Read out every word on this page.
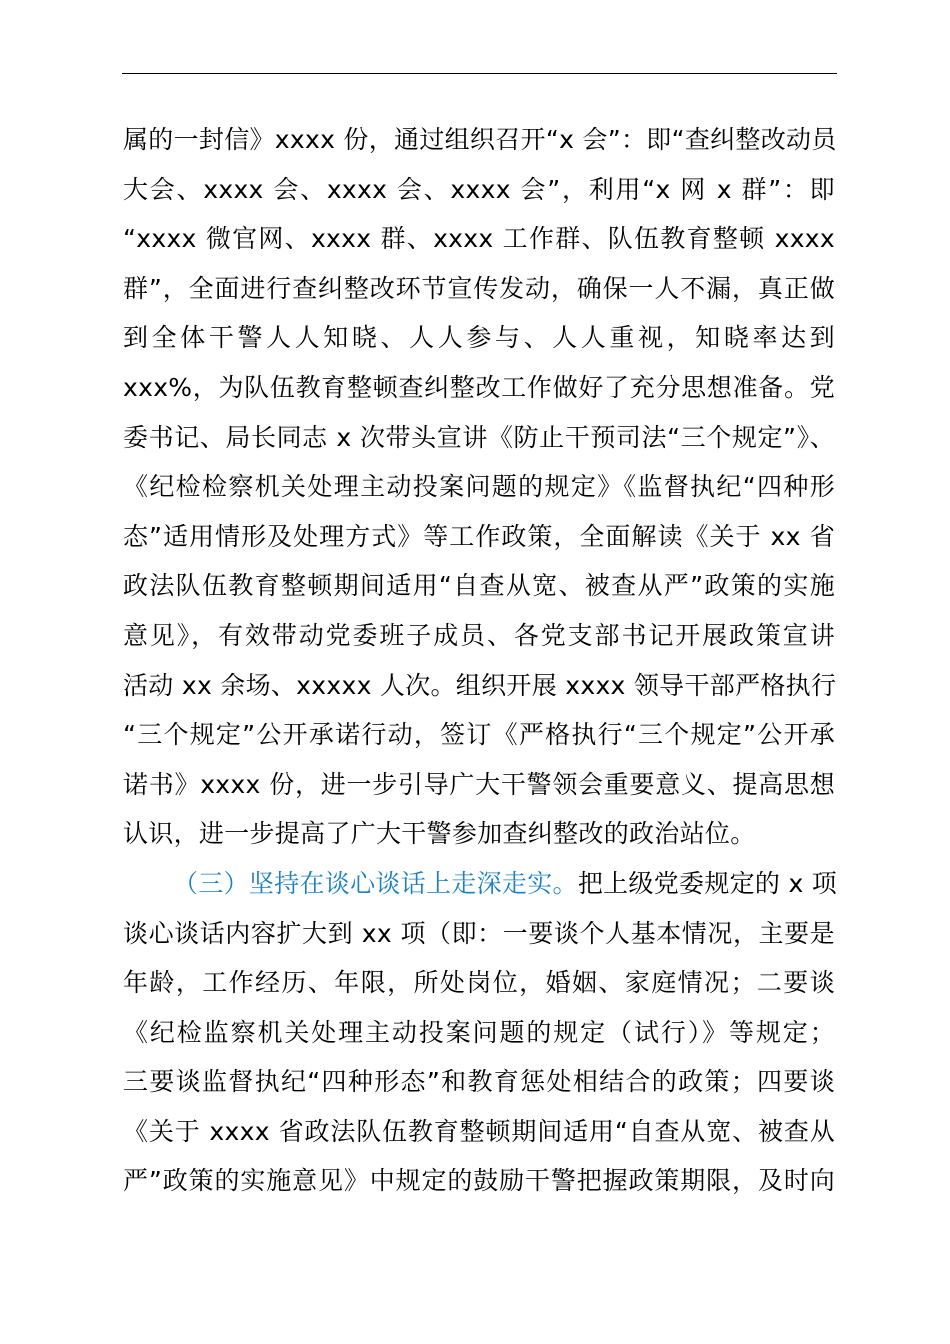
属的一封信》xxxx 份，通过组织召开“x 会”：即“查纠整改动员
大会、xxxx 会、xxxx 会、xxxx 会”，利用“x 网 x 群”：即
“xxxx 微官网、xxxx 群、xxxx 工作群、队伍教育整顿 xxxx
群”，全面进行查纠整改环节宣传发动，确保一人不漏，真正做
到全体干警人人知晓、人人参与、人人重视，知晓率达到
xxx%，为队伍教育整顿查纠整改工作做好了充分思想准备。党
委书记、局长同志 x 次带头宣讲《防止干预司法“三个规定”》、
《纪检检察机关处理主动投案问题的规定》《监督执纪“四种形
态”适用情形及处理方式》等工作政策，全面解读《关于 xx 省
政法队伍教育整顿期间适用“自查从宽、被查从严”政策的实施
意见》，有效带动党委班子成员、各党支部书记开展政策宣讲
活动 xx 余场、xxxxx 人次。组织开展 xxxx 领导干部严格执行
“三个规定”公开承诺行动，签订《严格执行“三个规定”公开承
诺书》xxxx 份，进一步引导广大干警领会重要意义、提高思想
认识，进一步提高了广大干警参加查纠整改的政治站位。
（三）坚持在谈心谈话上走深走实。把上级党委规定的 x 项
谈心谈话内容扩大到 xx 项（即：一要谈个人基本情况，主要是
年龄，工作经历、年限，所处岗位，婚姻、家庭情况；二要谈
《纪检监察机关处理主动投案问题的规定（试行）》等规定；
三要谈监督执纪“四种形态”和教育惩处相结合的政策；四要谈
《关于 xxxx 省政法队伍教育整顿期间适用“自查从宽、被查从
严”政策的实施意见》中规定的鼓励干警把握政策期限，及时向
